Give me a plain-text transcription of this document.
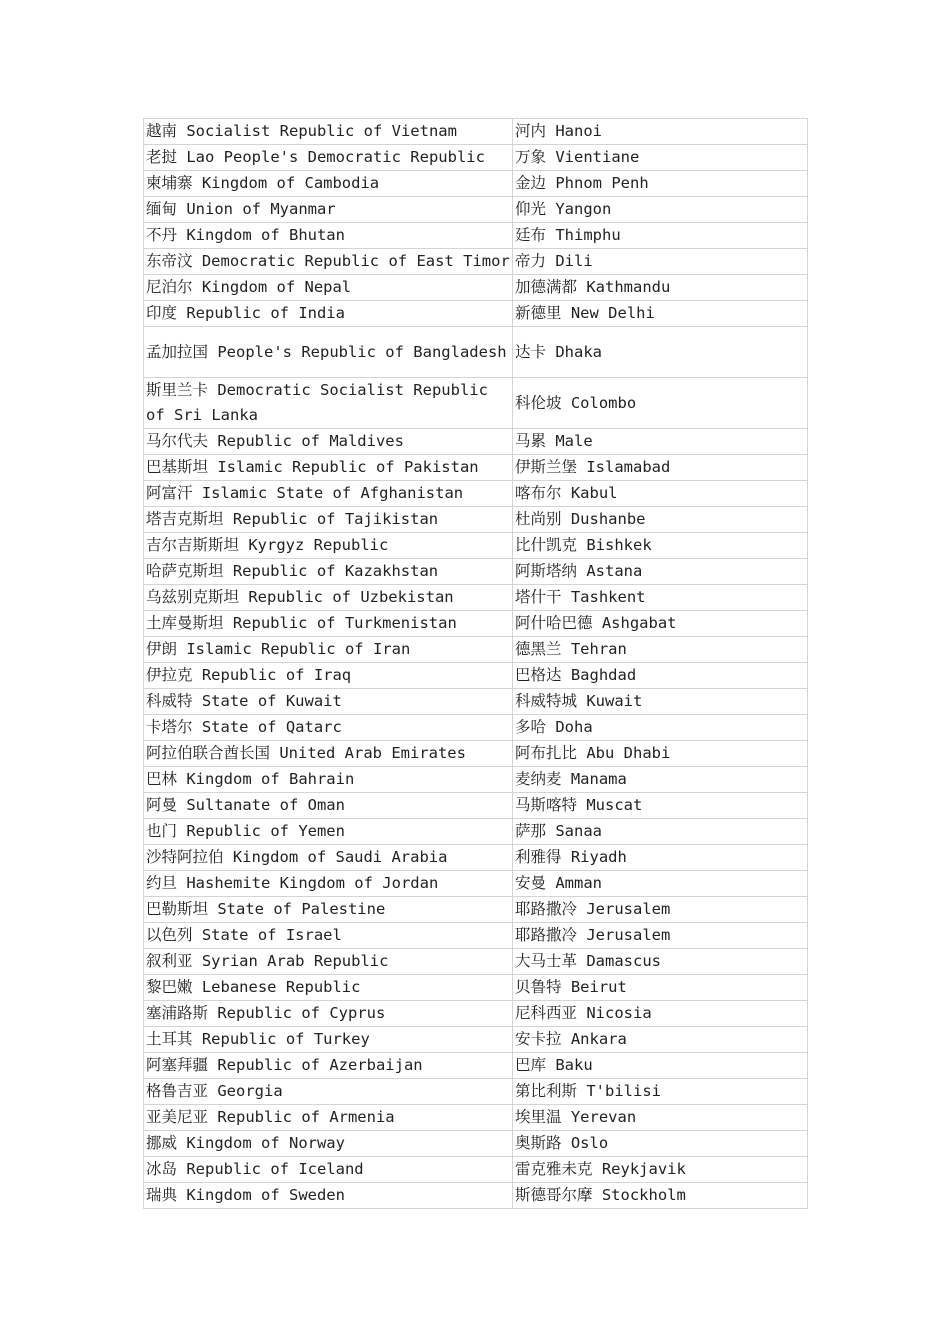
越南 Socialist Republic of Vietnam	河内 Hanoi
老挝 Lao People's Democratic Republic	万象 Vientiane
柬埔寨 Kingdom of Cambodia	金边 Phnom Penh
缅甸 Union of Myanmar	仰光 Yangon
不丹 Kingdom of Bhutan	廷布 Thimphu
东帝汶 Democratic Republic of East Timor	帝力 Dili
尼泊尔 Kingdom of Nepal	加德满都 Kathmandu
印度 Republic of India	新德里 New Delhi
孟加拉国 People's Republic of Bangladesh	达卡 Dhaka
斯里兰卡 Democratic Socialist Republic of Sri Lanka	科伦坡 Colombo
马尔代夫 Republic of Maldives	马累 Male
巴基斯坦 Islamic Republic of Pakistan	伊斯兰堡 Islamabad
阿富汗 Islamic State of Afghanistan	喀布尔 Kabul
塔吉克斯坦 Republic of Tajikistan	杜尚别 Dushanbe
吉尔吉斯斯坦 Kyrgyz Republic	比什凯克 Bishkek
哈萨克斯坦 Republic of Kazakhstan	阿斯塔纳 Astana
乌兹别克斯坦 Republic of Uzbekistan	塔什干 Tashkent
土库曼斯坦 Republic of Turkmenistan	阿什哈巴德 Ashgabat
伊朗 Islamic Republic of Iran	德黑兰 Tehran
伊拉克 Republic of Iraq	巴格达 Baghdad
科威特 State of Kuwait	科威特城 Kuwait
卡塔尔 State of Qatarc	多哈 Doha
阿拉伯联合酋长国 United Arab Emirates	阿布扎比 Abu Dhabi
巴林 Kingdom of Bahrain	麦纳麦 Manama
阿曼 Sultanate of Oman	马斯喀特 Muscat
也门 Republic of Yemen	萨那 Sanaa
沙特阿拉伯 Kingdom of Saudi Arabia	利雅得 Riyadh
约旦 Hashemite Kingdom of Jordan	安曼 Amman
巴勒斯坦 State of Palestine	耶路撒冷 Jerusalem
以色列 State of Israel	耶路撒冷 Jerusalem
叙利亚 Syrian Arab Republic	大马士革 Damascus
黎巴嫩 Lebanese Republic	贝鲁特 Beirut
塞浦路斯 Republic of Cyprus	尼科西亚 Nicosia
土耳其 Republic of Turkey	安卡拉 Ankara
阿塞拜疆 Republic of Azerbaijan	巴库 Baku
格鲁吉亚 Georgia	第比利斯 T'bilisi
亚美尼亚 Republic of Armenia	埃里温 Yerevan
挪威 Kingdom of Norway	奥斯路 Oslo
冰岛 Republic of Iceland	雷克雅未克 Reykjavik
瑞典 Kingdom of Sweden	斯德哥尔摩 Stockholm
